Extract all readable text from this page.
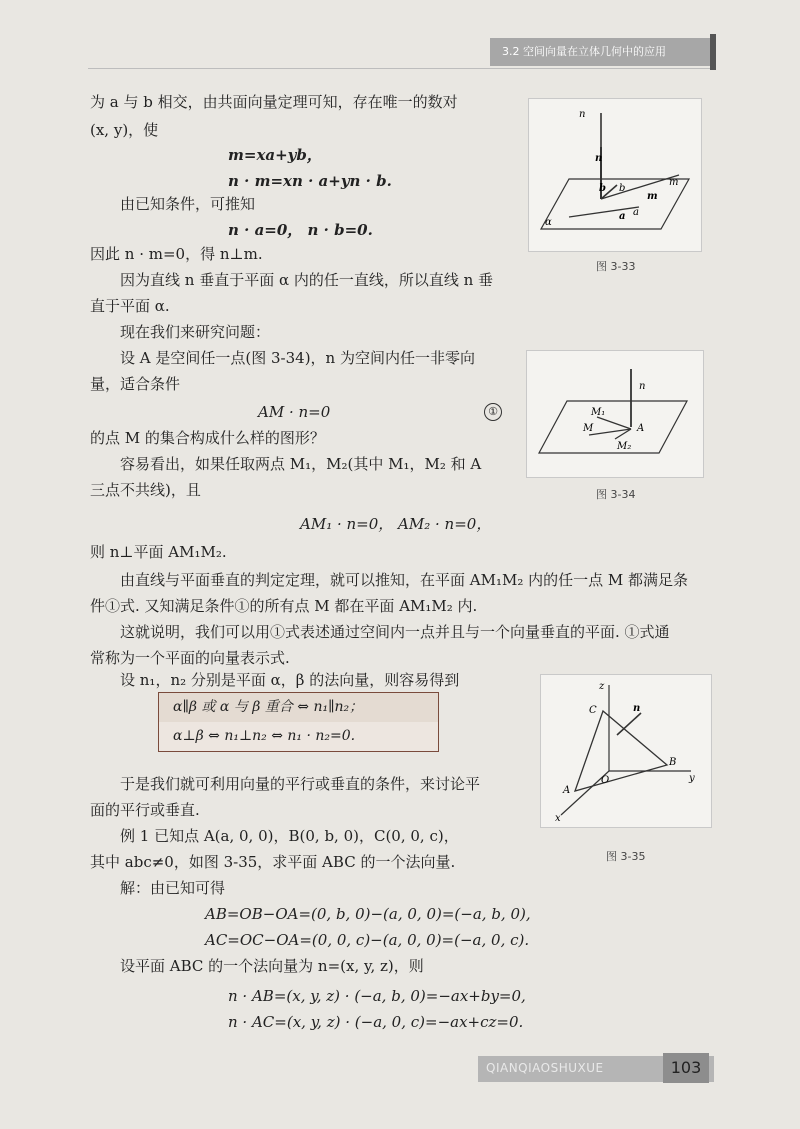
3.2 空间向量在立体几何中的应用
为 a 与 b 相交，由共面向量定理可知，存在唯一的数对
(x, y)，使
m=xa+yb，
n · m=xn · a+yn · b.
由已知条件，可推知
n · a=0， n · b=0.
因此 n · m=0，得 n⊥m.
因为直线 n 垂直于平面 α 内的任一直线，所以直线 n 垂
直于平面 α.
现在我们来研究问题：
设 A 是空间任一点(图 3-34)，n 为空间内任一非零向
量，适合条件
AM · n=0	①
的点 M 的集合构成什么样的图形？
容易看出，如果任取两点 M₁，M₂(其中 M₁，M₂ 和 A
三点不共线)，且
AM₁ · n=0， AM₂ · n=0，
则 n⊥平面 AM₁M₂.
由直线与平面垂直的判定定理，就可以推知，在平面 AM₁M₂ 内的任一点 M 都满足条
件①式. 又知满足条件①的所有点 M 都在平面 AM₁M₂ 内.
这就说明，我们可以用①式表述通过空间内一点并且与一个向量垂直的平面. ①式通
常称为一个平面的向量表示式.
设 n₁，n₂ 分别是平面 α，β 的法向量，则容易得到
α∥β 或 α 与 β 重合 ⇔ n₁∥n₂；
α⊥β ⇔ n₁⊥n₂ ⇔ n₁ · n₂=0.
于是我们就可利用向量的平行或垂直的条件，来讨论平
面的平行或垂直.
例 1 已知点 A(a, 0, 0)，B(0, b, 0)，C(0, 0, c)，
其中 abc≠0，如图 3-35，求平面 ABC 的一个法向量.
解：由已知可得
AB=OB−OA=(0, b, 0)−(a, 0, 0)=(−a, b, 0),
AC=OC−OA=(0, 0, c)−(a, 0, 0)=(−a, 0, c).
设平面 ABC 的一个法向量为 n=(x, y, z)，则
n · AB=(x, y, z) · (−a, b, 0)=−ax+by=0,
n · AC=(x, y, z) · (−a, 0, c)=−ax+cz=0.
n
n
b b
m
m
a a
α
图 3-33
n
M₁
M	A
M₂
图 3-34
z
C	n
B
y
O
A
x
图 3-35
QIANQIAOSHUXUE	103
